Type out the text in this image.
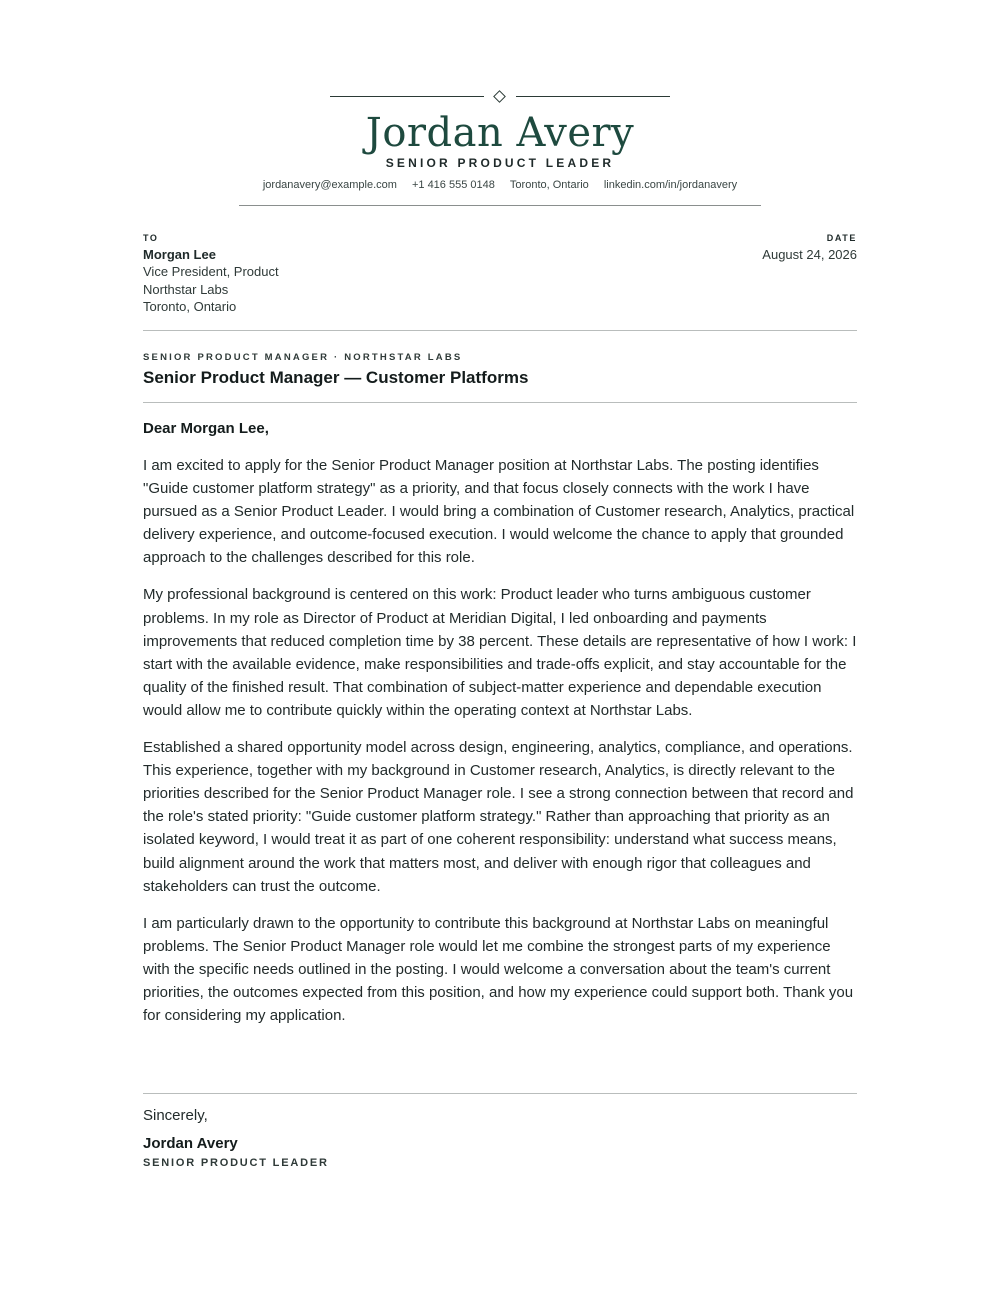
Jordan Avery
SENIOR PRODUCT LEADER
jordanavery@example.com +1 416 555 0148 Toronto, Ontario linkedin.com/in/jordanavery
TO
Morgan Lee
Vice President, Product
Northstar Labs
Toronto, Ontario
DATE
August 24, 2026
SENIOR PRODUCT MANAGER · NORTHSTAR LABS
Senior Product Manager — Customer Platforms
Dear Morgan Lee,

I am excited to apply for the Senior Product Manager position at Northstar Labs. The posting identifies "Guide customer platform strategy" as a priority, and that focus closely connects with the work I have pursued as a Senior Product Leader. I would bring a combination of Customer research, Analytics, practical delivery experience, and outcome-focused execution. I would welcome the chance to apply that grounded approach to the challenges described for this role.

My professional background is centered on this work: Product leader who turns ambiguous customer problems. In my role as Director of Product at Meridian Digital, I led onboarding and payments improvements that reduced completion time by 38 percent. These details are representative of how I work: I start with the available evidence, make responsibilities and trade-offs explicit, and stay accountable for the quality of the finished result. That combination of subject-matter experience and dependable execution would allow me to contribute quickly within the operating context at Northstar Labs.

Established a shared opportunity model across design, engineering, analytics, compliance, and operations. This experience, together with my background in Customer research, Analytics, is directly relevant to the priorities described for the Senior Product Manager role. I see a strong connection between that record and the role's stated priority: "Guide customer platform strategy." Rather than approaching that priority as an isolated keyword, I would treat it as part of one coherent responsibility: understand what success means, build alignment around the work that matters most, and deliver with enough rigor that colleagues and stakeholders can trust the outcome.

I am particularly drawn to the opportunity to contribute this background at Northstar Labs on meaningful problems. The Senior Product Manager role would let me combine the strongest parts of my experience with the specific needs outlined in the posting. I would welcome a conversation about the team's current priorities, the outcomes expected from this position, and how my experience could support both. Thank you for considering my application.

Sincerely,
Jordan Avery
SENIOR PRODUCT LEADER
